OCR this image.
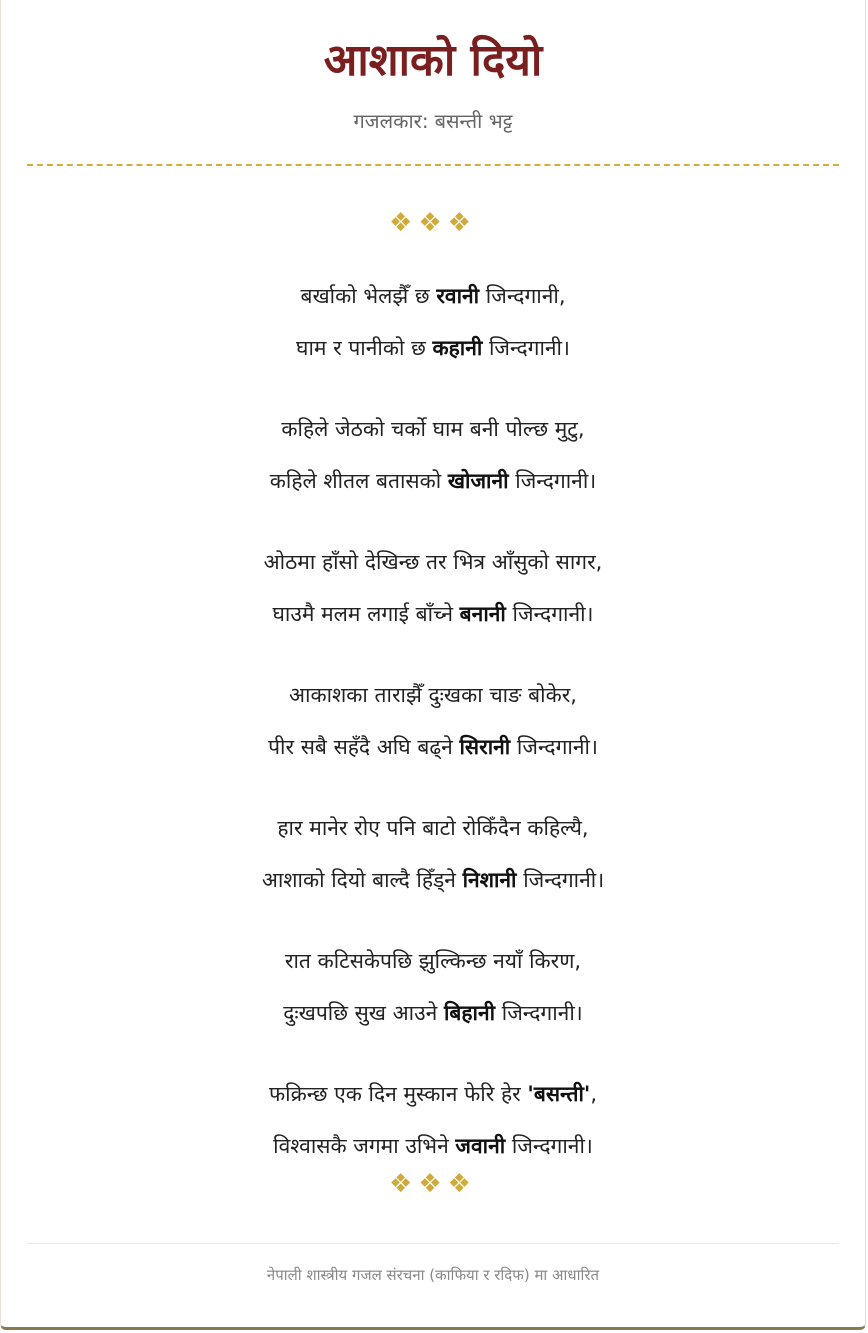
आशाको दियो
गजलकार: बसन्ती भट्ट
❖❖❖
बर्खाको भेलझैँ छ रवानी जिन्दगानी,
घाम र पानीको छ कहानी जिन्दगानी।
कहिले जेठको चर्को घाम बनी पोल्छ मुटु,
कहिले शीतल बतासको खोजानी जिन्दगानी।
ओठमा हाँसो देखिन्छ तर भित्र आँसुको सागर,
घाउमै मलम लगाई बाँच्ने बनानी जिन्दगानी।
आकाशका ताराझैँ दुःखका चाङ बोकेर,
पीर सबै सहँदै अघि बढ्ने सिरानी जिन्दगानी।
हार मानेर रोए पनि बाटो रोकिँदैन कहिल्यै,
आशाको दियो बाल्दै हिँड्ने निशानी जिन्दगानी।
रात कटिसकेपछि झुल्किन्छ नयाँ किरण,
दुःखपछि सुख आउने बिहानी जिन्दगानी।
फक्रिन्छ एक दिन मुस्कान फेरि हेर 'बसन्ती',
विश्वासकै जगमा उभिने जवानी जिन्दगानी।
❖❖❖
नेपाली शास्त्रीय गजल संरचना (काफिया र रदिफ) मा आधारित
